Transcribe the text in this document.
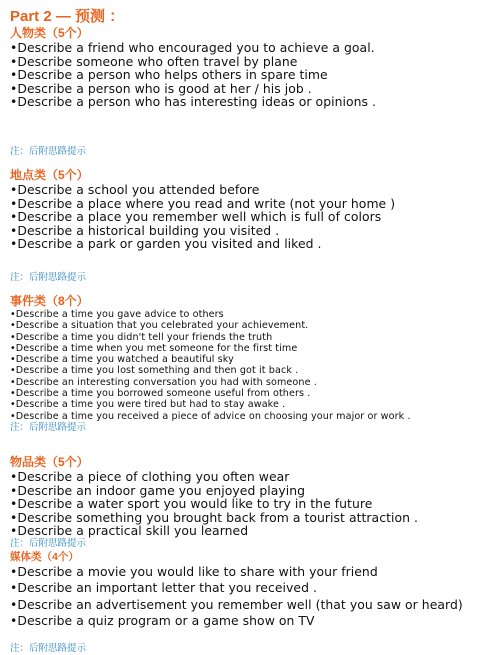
Part 2 — 预测 ：
人物类（5个）
•Describe a friend who encouraged you to achieve a goal.
•Describe someone who often travel by plane
•Describe a person who helps others in spare time
•Describe a person who is good at her / his job .
•Describe a person who has interesting ideas or opinions .

注：后附思路提示

地点类（5个）
•Describe a school you attended before
•Describe a place where you read and write (not your home )
•Describe a place you remember well which is full of colors
•Describe a historical building you visited .
•Describe a park or garden you visited and liked .

注：后附思路提示

事件类（8个）
•Describe a time you gave advice to others
•Describe a situation that you celebrated your achievement.
•Describe a time you didn't tell your friends the truth
•Describe a time when you met someone for the first time
•Describe a time you watched a beautiful sky
•Describe a time you lost something and then got it back .
•Describe an interesting conversation you had with someone .
•Describe a time you borrowed someone useful from others .
•Describe a time you were tired but had to stay awake .
•Describe a time you received a piece of advice on choosing your major or work .

注：后附思路提示

物品类（5个）
•Describe a piece of clothing you often wear
•Describe an indoor game you enjoyed playing
•Describe a water sport you would like to try in the future
•Describe something you brought back from a tourist attraction .
•Describe a practical skill you learned

注：后附思路提示

媒体类（4个）
•Describe a movie you would like to share with your friend
•Describe an important letter that you received .
•Describe an advertisement you remember well (that you saw or heard)
•Describe a quiz program or a game show on TV

注：后附思路提示
